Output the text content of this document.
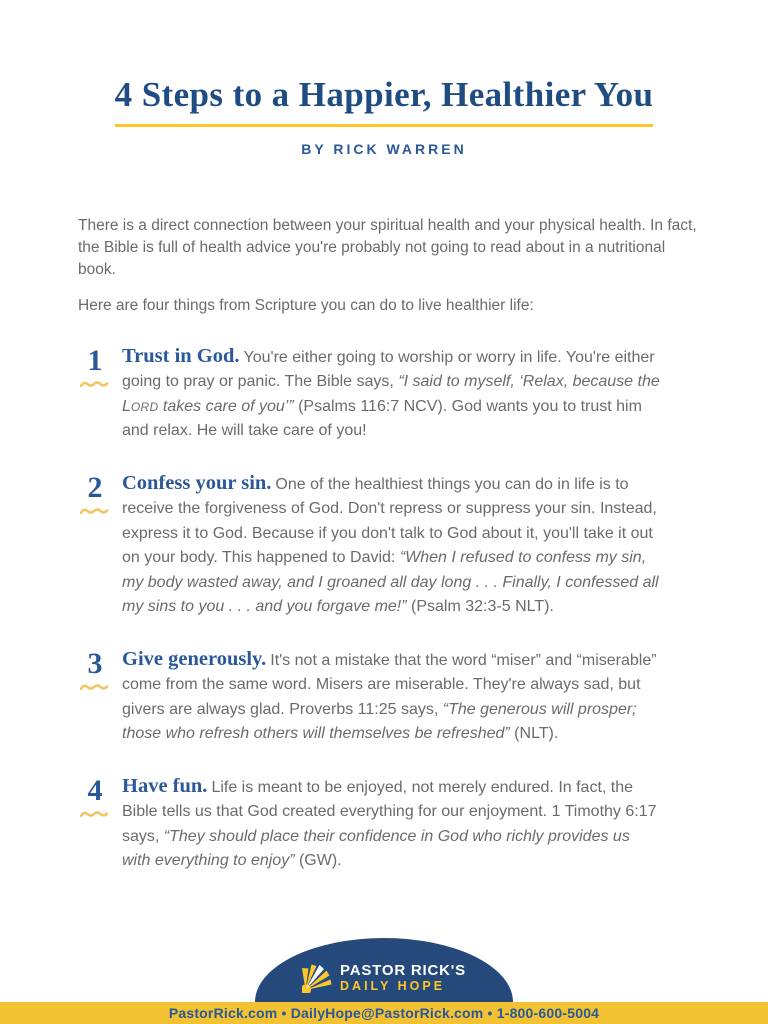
4 Steps to a Happier, Healthier You
BY RICK WARREN

There is a direct connection between your spiritual health and your physical health. In fact, the Bible is full of health advice you're probably not going to read about in a nutritional book.

Here are four things from Scripture you can do to live healthier life:

1 Trust in God. You're either going to worship or worry in life. You're either going to pray or panic. The Bible says, “I said to myself, ‘Relax, because the LORD takes care of you’” (Psalms 116:7 NCV). God wants you to trust him and relax. He will take care of you!
2 Confess your sin. One of the healthiest things you can do in life is to receive the forgiveness of God. Don't repress or suppress your sin. Instead, express it to God. Because if you don't talk to God about it, you'll take it out on your body. This happened to David: “When I refused to confess my sin, my body wasted away, and I groaned all day long . . . Finally, I confessed all my sins to you . . . and you forgave me!” (Psalm 32:3-5 NLT).
3 Give generously. It's not a mistake that the word “miser” and “miserable” come from the same word. Misers are miserable. They're always sad, but givers are always glad. Proverbs 11:25 says, “The generous will prosper; those who refresh others will themselves be refreshed” (NLT).
4 Have fun. Life is meant to be enjoyed, not merely endured. In fact, the Bible tells us that God created everything for our enjoyment. 1 Timothy 6:17 says, “They should place their confidence in God who richly provides us with everything to enjoy” (GW).
PASTOR RICK'S
DAILY HOPE
PastorRick.com • DailyHope@PastorRick.com • 1-800-600-5004
